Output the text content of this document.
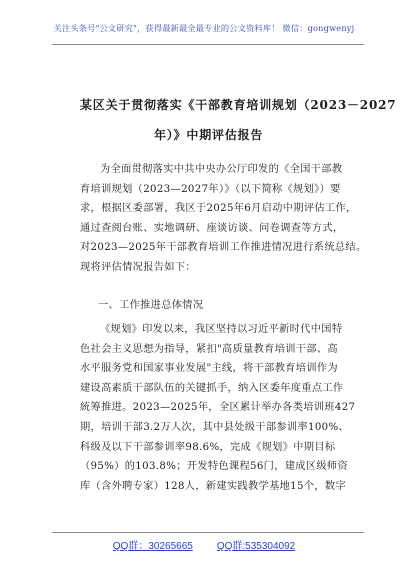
关注头条号"公文研究"，获得最新最全最专业的公文资料库！ 微信：gongwenyj
某区关于贯彻落实《干部教育培训规划（2023－2027
年）》中期评估报告
为全面贯彻落实中共中央办公厅印发的《全国干部教
育培训规划（2023—2027年）》（以下简称《规划》）要
求，根据区委部署，我区于2025年6月启动中期评估工作，
通过查阅台账、实地调研、座谈访谈、问卷调查等方式，
对2023—2025年干部教育培训工作推进情况进行系统总结。
现将评估情况报告如下：
一、工作推进总体情况
《规划》印发以来，我区坚持以习近平新时代中国特
色社会主义思想为指导，紧扣"高质量教育培训干部、高
水平服务党和国家事业发展"主线，将干部教育培训作为
建设高素质干部队伍的关键抓手，纳入区委年度重点工作
統筹推进。2023—2025年，全区累计举办各类培训班427
期，培训干部3.2万人次，其中县处级干部参训率100%、
科级及以下干部参训率98.6%，完成《规划》中期目标
（95%）的103.8%；开发特色课程56门，建成区级师资
库（含外聘专家）128人，新建实践教学基地15个，数字
QQ群：30265665 QQ群:535304092
